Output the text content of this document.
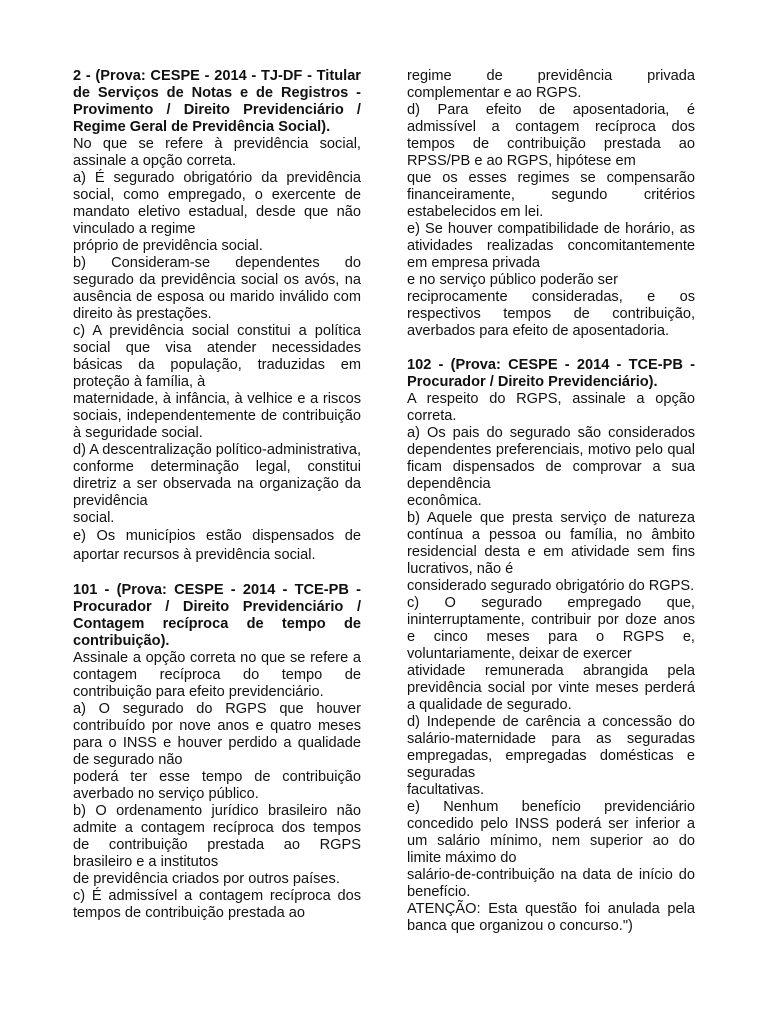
2 - (Prova: CESPE - 2014 - TJ-DF - Titular de Serviços de Notas e de Registros - Provimento / Direito Previdenciário / Regime Geral de Previdência Social).

No que se refere à previdência social, assinale a opção correta.

a) É segurado obrigatório da previdência social, como empregado, o exercente de mandato eletivo estadual, desde que não vinculado a regime

próprio de previdência social.

b) Consideram-se dependentes do segurado da previdência social os avós, na ausência de esposa ou marido inválido com direito às prestações.

c) A previdência social constitui a política social que visa atender necessidades básicas da população, traduzidas em proteção à família, à

maternidade, à infância, à velhice e a riscos sociais, independentemente de contribuição à seguridade social.

d) A descentralização político-administrativa, conforme determinação legal, constitui diretriz a ser observada na organização da previdência

social.

e) Os municípios estão dispensados de aportar recursos à previdência social.

101 - (Prova: CESPE - 2014 - TCE-PB - Procurador / Direito Previdenciário / Contagem recíproca de tempo de contribuição).

Assinale a opção correta no que se refere a contagem recíproca do tempo de contribuição para efeito previdenciário.

a) O segurado do RGPS que houver contribuído por nove anos e quatro meses para o INSS e houver perdido a qualidade de segurado não

poderá ter esse tempo de contribuição averbado no serviço público.

b) O ordenamento jurídico brasileiro não admite a contagem recíproca dos tempos de contribuição prestada ao RGPS brasileiro e a institutos

de previdência criados por outros países.

c) É admissível a contagem recíproca dos tempos de contribuição prestada ao

regime de previdência privada complementar e ao RGPS.

d) Para efeito de aposentadoria, é admissível a contagem recíproca dos tempos de contribuição prestada ao RPSS/PB e ao RGPS, hipótese em

que os esses regimes se compensarão financeiramente, segundo critérios estabelecidos em lei.

e) Se houver compatibilidade de horário, as atividades realizadas concomitantemente em empresa privada

e no serviço público poderão ser

reciprocamente consideradas, e os respectivos tempos de contribuição, averbados para efeito de aposentadoria.

102 - (Prova: CESPE - 2014 - TCE-PB - Procurador / Direito Previdenciário).

A respeito do RGPS, assinale a opção correta.

a) Os pais do segurado são considerados dependentes preferenciais, motivo pelo qual ficam dispensados de comprovar a sua dependência

econômica.

b) Aquele que presta serviço de natureza contínua a pessoa ou família, no âmbito residencial desta e em atividade sem fins lucrativos, não é

considerado segurado obrigatório do RGPS.

c) O segurado empregado que, ininterruptamente, contribuir por doze anos e cinco meses para o RGPS e, voluntariamente, deixar de exercer

atividade remunerada abrangida pela previdência social por vinte meses perderá a qualidade de segurado.

d) Independe de carência a concessão do salário-maternidade para as seguradas empregadas, empregadas domésticas e seguradas

facultativas.

e) Nenhum benefício previdenciário concedido pelo INSS poderá ser inferior a um salário mínimo, nem superior ao do limite máximo do

salário-de-contribuição na data de início do benefício.

ATENÇÃO: Esta questão foi anulada pela banca que organizou o concurso.")
